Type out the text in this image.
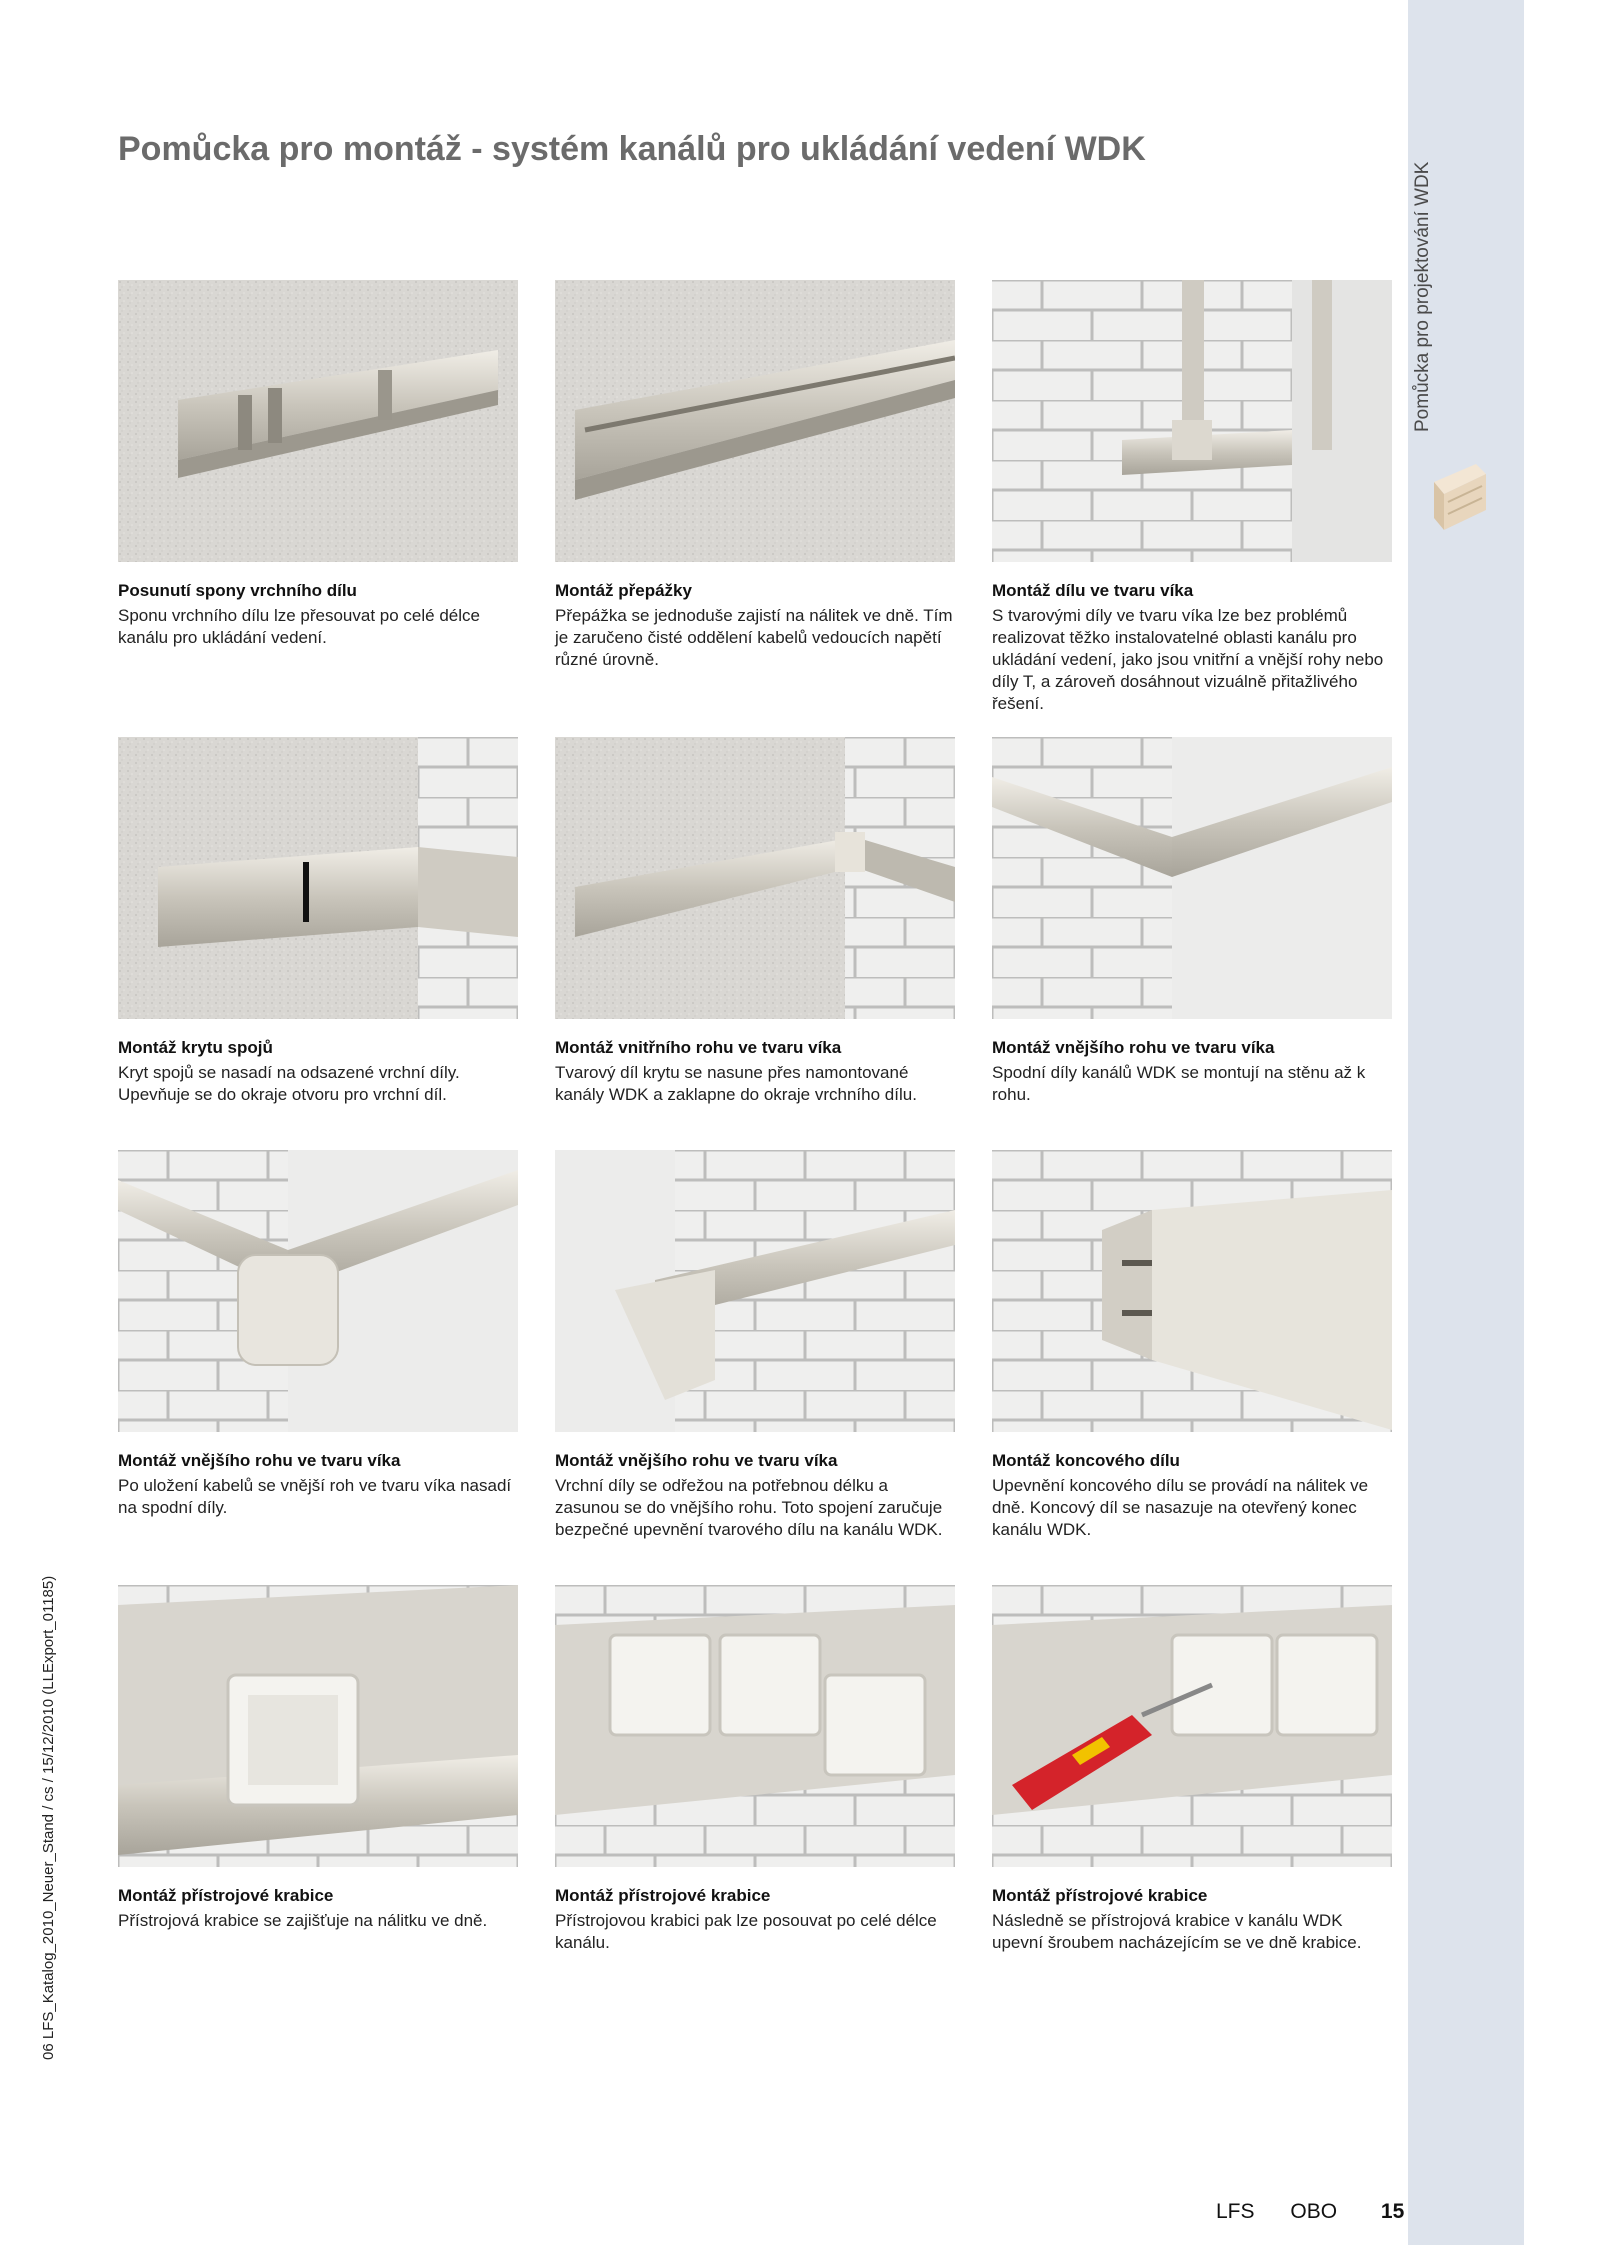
Pomůcka pro projektování WDK
Pomůcka pro montáž - systém kanálů pro ukládání vedení WDK
06 LFS_Katalog_2010_Neuer_Stand / cs / 15/12/2010 (LLExport_01185)
Posunutí spony vrchního dílu
Sponu vrchního dílu lze přesouvat po celé délce kanálu pro ukládání vedení.
Montáž přepážky
Přepážka se jednoduše zajistí na nálitek ve dně. Tím je zaručeno čisté oddělení kabelů vedoucích napětí různé úrovně.
Montáž dílu ve tvaru víka
S tvarovými díly ve tvaru víka lze bez problémů realizovat těžko instalovatelné oblasti kanálu pro ukládání vedení, jako jsou vnitřní a vnější rohy nebo díly T, a zároveň dosáhnout vizuálně přitažlivého řešení.
Montáž krytu spojů
Kryt spojů se nasadí na odsazené vrchní díly. Upevňuje se do okraje otvoru pro vrchní díl.
Montáž vnitřního rohu ve tvaru víka
Tvarový díl krytu se nasune přes namontované kanály WDK a zaklapne do okraje vrchního dílu.
Montáž vnějšího rohu ve tvaru víka
Spodní díly kanálů WDK se montují na stěnu až k rohu.
Montáž vnějšího rohu ve tvaru víka
Po uložení kabelů se vnější roh ve tvaru víka nasadí na spodní díly.
Montáž vnějšího rohu ve tvaru víka
Vrchní díly se odřežou na potřebnou délku a zasunou se do vnějšího rohu. Toto spojení zaručuje bezpečné upevnění tvarového dílu na kanálu WDK.
Montáž koncového dílu
Upevnění koncového dílu se provádí na nálitek ve dně. Koncový díl se nasazuje na otevřený konec kanálu WDK.
Montáž přístrojové krabice
Přístrojová krabice se zajišťuje na nálitku ve dně.
Montáž přístrojové krabice
Přístrojovou krabici pak lze posouvat po celé délce kanálu.
Montáž přístrojové krabice
Následně se přístrojová krabice v kanálu WDK upevní šroubem nacházejícím se ve dně krabice.
LFS OBO 15
